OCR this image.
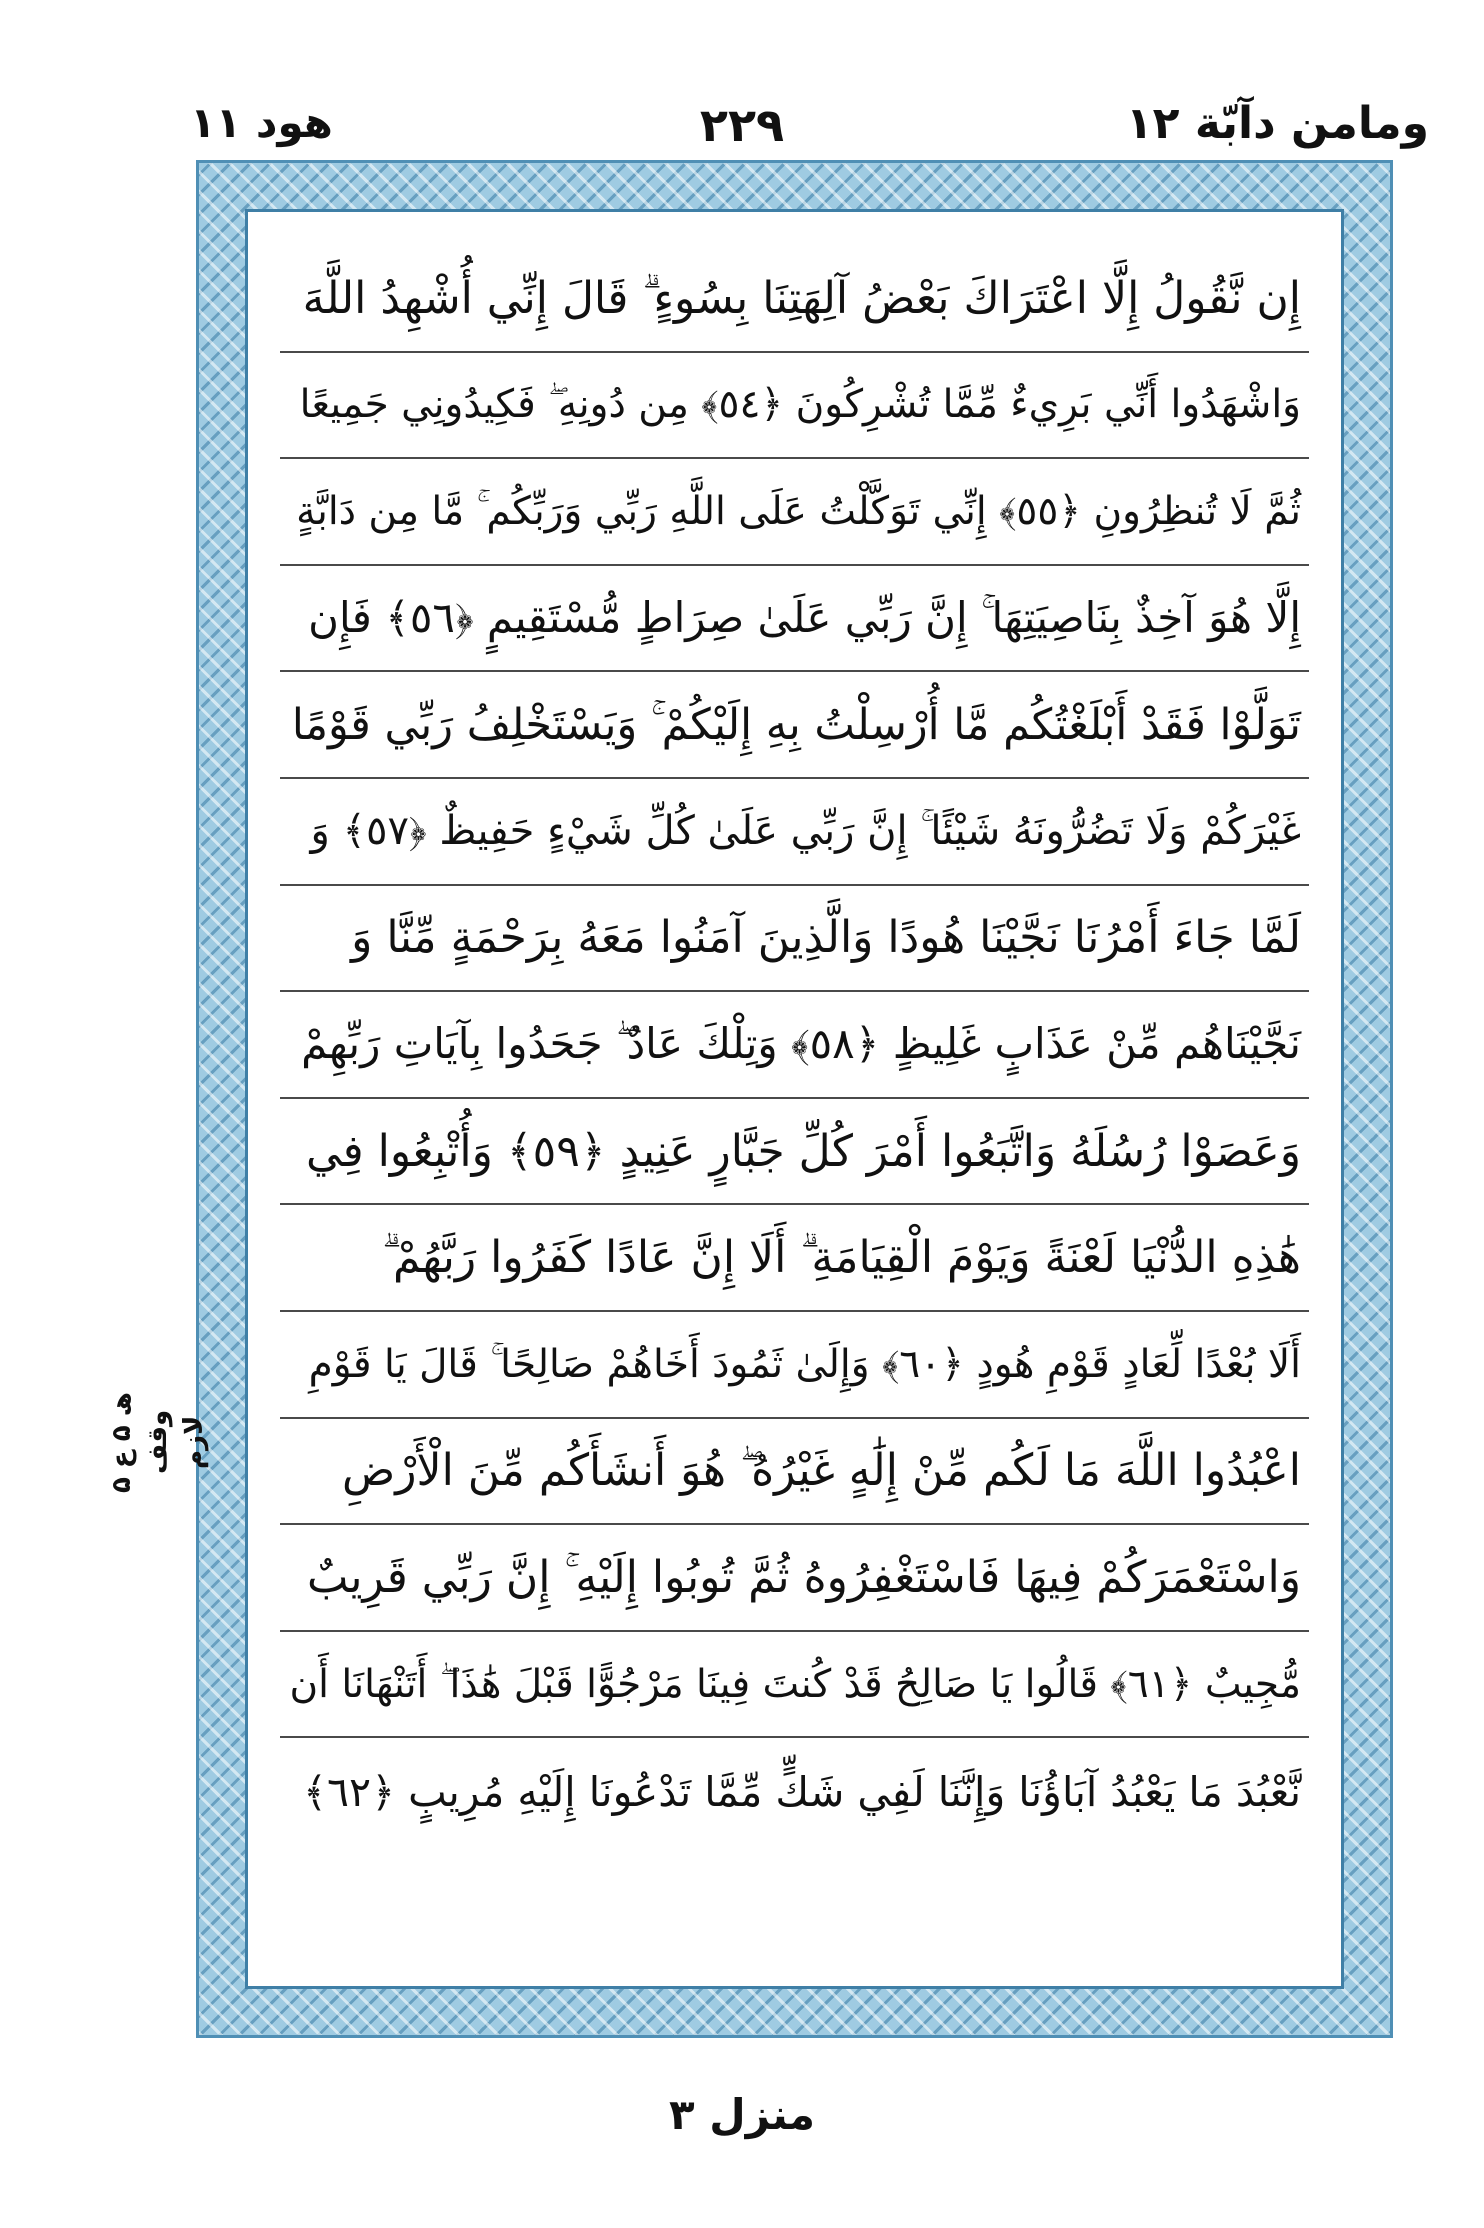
ومامن دآبّة ١٢
٢٢٩
ھود ١١
إِن نَّقُولُ إِلَّا اعْتَرَاكَ بَعْضُ آلِهَتِنَا بِسُوءٍ ۗ قَالَ إِنِّي أُشْهِدُ اللَّهَ
وَاشْهَدُوا أَنِّي بَرِيءٌ مِّمَّا تُشْرِكُونَ ﴿٥٤﴾ مِن دُونِهِ ۖ فَكِيدُونِي جَمِيعًا
ثُمَّ لَا تُنظِرُونِ ﴿٥٥﴾ إِنِّي تَوَكَّلْتُ عَلَى اللَّهِ رَبِّي وَرَبِّكُم ۚ مَّا مِن دَابَّةٍ
إِلَّا هُوَ آخِذٌ بِنَاصِيَتِهَا ۚ إِنَّ رَبِّي عَلَىٰ صِرَاطٍ مُّسْتَقِيمٍ ﴿٥٦﴾ فَإِن
تَوَلَّوْا فَقَدْ أَبْلَغْتُكُم مَّا أُرْسِلْتُ بِهِ إِلَيْكُمْ ۚ وَيَسْتَخْلِفُ رَبِّي قَوْمًا
غَيْرَكُمْ وَلَا تَضُرُّونَهُ شَيْئًا ۚ إِنَّ رَبِّي عَلَىٰ كُلِّ شَيْءٍ حَفِيظٌ ﴿٥٧﴾ وَ
لَمَّا جَاءَ أَمْرُنَا نَجَّيْنَا هُودًا وَالَّذِينَ آمَنُوا مَعَهُ بِرَحْمَةٍ مِّنَّا وَ
نَجَّيْنَاهُم مِّنْ عَذَابٍ غَلِيظٍ ﴿٥٨﴾ وَتِلْكَ عَادٌ ۖ جَحَدُوا بِآيَاتِ رَبِّهِمْ
وَعَصَوْا رُسُلَهُ وَاتَّبَعُوا أَمْرَ كُلِّ جَبَّارٍ عَنِيدٍ ﴿٥٩﴾ وَأُتْبِعُوا فِي
هَٰذِهِ الدُّنْيَا لَعْنَةً وَيَوْمَ الْقِيَامَةِ ۗ أَلَا إِنَّ عَادًا كَفَرُوا رَبَّهُمْ ۗ
أَلَا بُعْدًا لِّعَادٍ قَوْمِ هُودٍ ﴿٦٠﴾ وَإِلَىٰ ثَمُودَ أَخَاهُمْ صَالِحًا ۚ قَالَ يَا قَوْمِ
اعْبُدُوا اللَّهَ مَا لَكُم مِّنْ إِلَٰهٍ غَيْرُهُ ۖ هُوَ أَنشَأَكُم مِّنَ الْأَرْضِ
وَاسْتَعْمَرَكُمْ فِيهَا فَاسْتَغْفِرُوهُ ثُمَّ تُوبُوا إِلَيْهِ ۚ إِنَّ رَبِّي قَرِيبٌ
مُّجِيبٌ ﴿٦١﴾ قَالُوا يَا صَالِحُ قَدْ كُنتَ فِينَا مَرْجُوًّا قَبْلَ هَٰذَا ۖ أَتَنْهَانَا أَن
نَّعْبُدَ مَا يَعْبُدُ آبَاؤُنَا وَإِنَّنَا لَفِي شَكٍّ مِّمَّا تَدْعُونَا إِلَيْهِ مُرِيبٍ ﴿٦٢﴾
ھ ۵ ع ۵ وقف لازم
منزل ۳
